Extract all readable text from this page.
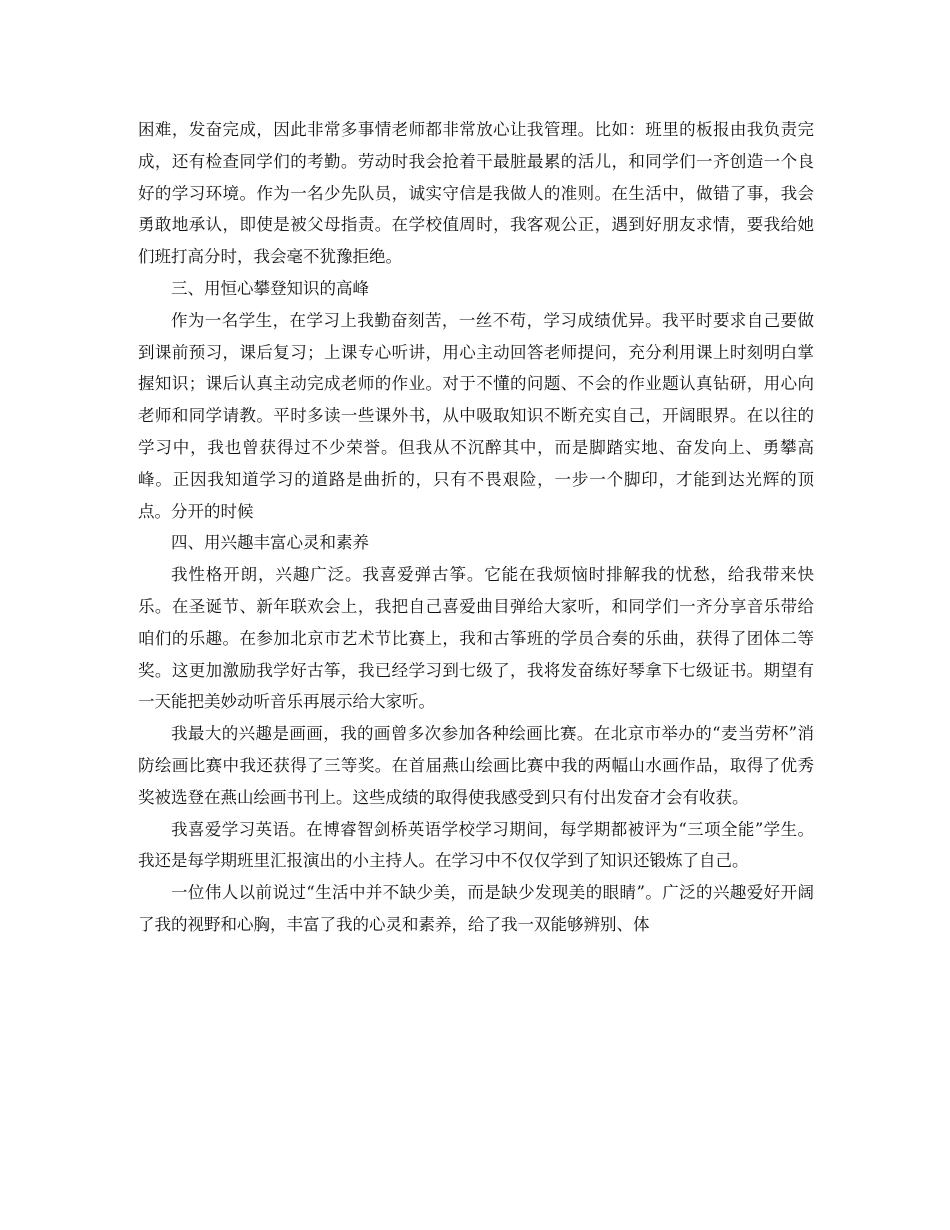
困难，发奋完成，因此非常多事情老师都非常放心让我管理。比如：班里的板报由我负责完成，还有检查同学们的考勤。劳动时我会抢着干最脏最累的活儿，和同学们一齐创造一个良好的学习环境。作为一名少先队员，诚实守信是我做人的准则。在生活中，做错了事，我会勇敢地承认，即使是被父母指责。在学校值周时，我客观公正，遇到好朋友求情，要我给她们班打高分时，我会毫不犹豫拒绝。

三、用恒心攀登知识的高峰

作为一名学生，在学习上我勤奋刻苦，一丝不苟，学习成绩优异。我平时要求自己要做到课前预习，课后复习；上课专心听讲，用心主动回答老师提问，充分利用课上时刻明白掌握知识；课后认真主动完成老师的作业。对于不懂的问题、不会的作业题认真钻研，用心向老师和同学请教。平时多读一些课外书，从中吸取知识不断充实自己，开阔眼界。在以往的学习中，我也曾获得过不少荣誉。但我从不沉醉其中，而是脚踏实地、奋发向上、勇攀高峰。正因我知道学习的道路是曲折的，只有不畏艰险，一步一个脚印，才能到达光辉的顶点。分开的时候

四、用兴趣丰富心灵和素养

我性格开朗，兴趣广泛。我喜爱弹古筝。它能在我烦恼时排解我的忧愁，给我带来快乐。在圣诞节、新年联欢会上，我把自己喜爱曲目弹给大家听，和同学们一齐分享音乐带给咱们的乐趣。在参加北京市艺术节比赛上，我和古筝班的学员合奏的乐曲，获得了团体二等奖。这更加激励我学好古筝，我已经学习到七级了，我将发奋练好琴拿下七级证书。期望有一天能把美妙动听音乐再展示给大家听。

我最大的兴趣是画画，我的画曾多次参加各种绘画比赛。在北京市举办的“麦当劳杯”消防绘画比赛中我还获得了三等奖。在首届燕山绘画比赛中我的两幅山水画作品，取得了优秀奖被选登在燕山绘画书刊上。这些成绩的取得使我感受到只有付出发奋才会有收获。

我喜爱学习英语。在博睿智剑桥英语学校学习期间，每学期都被评为“三项全能”学生。我还是每学期班里汇报演出的小主持人。在学习中不仅仅学到了知识还锻炼了自己。

一位伟人以前说过“生活中并不缺少美，而是缺少发现美的眼睛”。广泛的兴趣爱好开阔了我的视野和心胸，丰富了我的心灵和素养，给了我一双能够辨别、体
